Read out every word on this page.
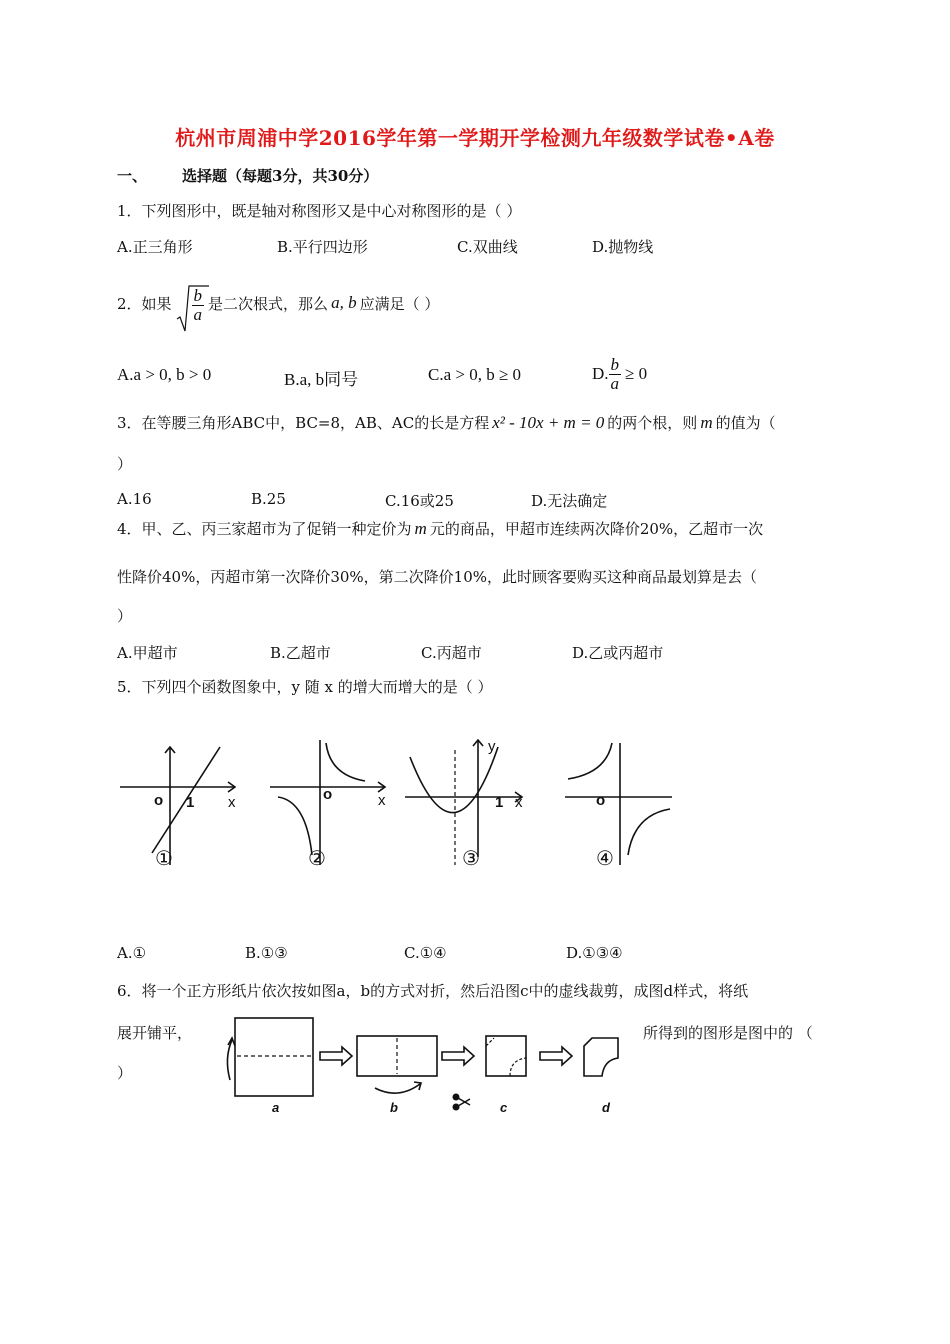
杭州市周浦中学2016学年第一学期开学检测九年级数学试卷•A卷
一、 选择题（每题3分，共30分）
1．下列图形中，既是轴对称图形又是中心对称图形的是（ ）
A.正三角形	B.平行四边形	C.双曲线	D.抛物线
2．如果 $\frac{b}{a}$ 是二次根式，那么 a, b 应满足（ ）
A.a > 0, b > 0	B.a, b同号	C.a > 0, b ≥ 0	D. $\frac{b}{a} \ge 0$
3．在等腰三角形ABC中，BC=8，AB、AC的长是方程 x² - 10x + m = 0 的两个根，则 m 的值为（
）
A.16	B.25	C.16或25	D.无法确定
4．甲、乙、丙三家超市为了促销一种定价为 m 元的商品，甲超市连续两次降价20%，乙超市一次
性降价40%，丙超市第一次降价30%，第二次降价10%，此时顾客要购买这种商品最划算是去（
）
A.甲超市	B.乙超市	C.丙超市	D.乙或丙超市
5．下列四个函数图象中，y 随 x 的增大而增大的是（ ）
o 1 x	o	x
y
1 x	o
①	②	③	④
A.①	B.①③	C.①④	D.①③④
6．将一个正方形纸片依次按如图a，b的方式对折，然后沿图c中的虚线裁剪，成图d样式，将纸
展开铺平，	所得到的图形是图中的 （
）
a	b	c	d
